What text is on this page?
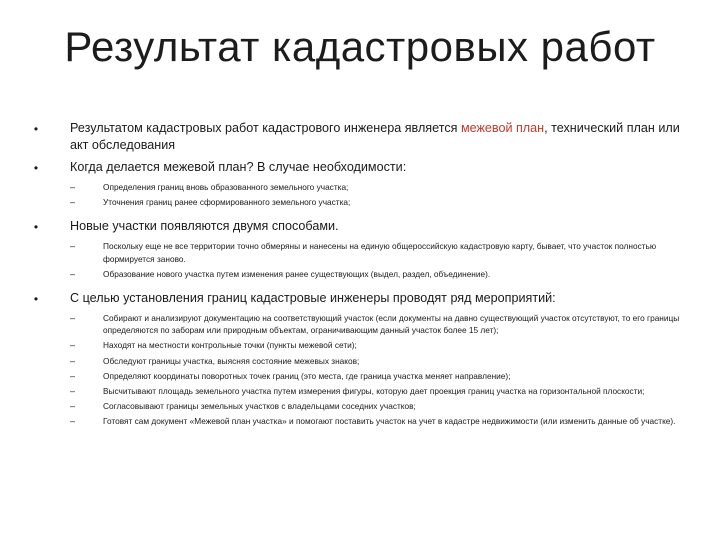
Результат кадастровых работ
•	Результатом кадастровых работ кадастрового инженера является межевой план, технический план или акт обследования
•	Когда делается межевой план? В случае необходимости:
–	Определения границ вновь образованного земельного участка;
–	Уточнения границ ранее сформированного земельного участка;
•	Новые участки появляются двумя способами.
–	Поскольку еще не все территории точно обмеряны и нанесены на единую общероссийскую кадастровую карту, бывает, что участок полностью формируется заново.
–	Образование нового участка путем изменения ранее существующих (выдел, раздел, объединение).
•	С целью установления границ кадастровые инженеры проводят ряд мероприятий:
–	Собирают и анализируют документацию на соответствующий участок (если документы на давно существующий участок отсутствуют, то его границы определяются по заборам или природным объектам, ограничивающим данный участок более 15 лет);
–	Находят на местности контрольные точки (пункты межевой сети);
–	Обследуют границы участка, выясняя состояние межевых знаков;
–	Определяют координаты поворотных точек границ (это места, где граница участка меняет направление);
–	Высчитывают площадь земельного участка путем измерения фигуры, которую дает проекция границ участка на горизонтальной плоскости;
–	Согласовывают границы земельных участков с владельцами соседних участков;
–	Готовят сам документ «Межевой план участка» и помогают поставить участок на учет в кадастре недвижимости (или изменить данные об участке).
